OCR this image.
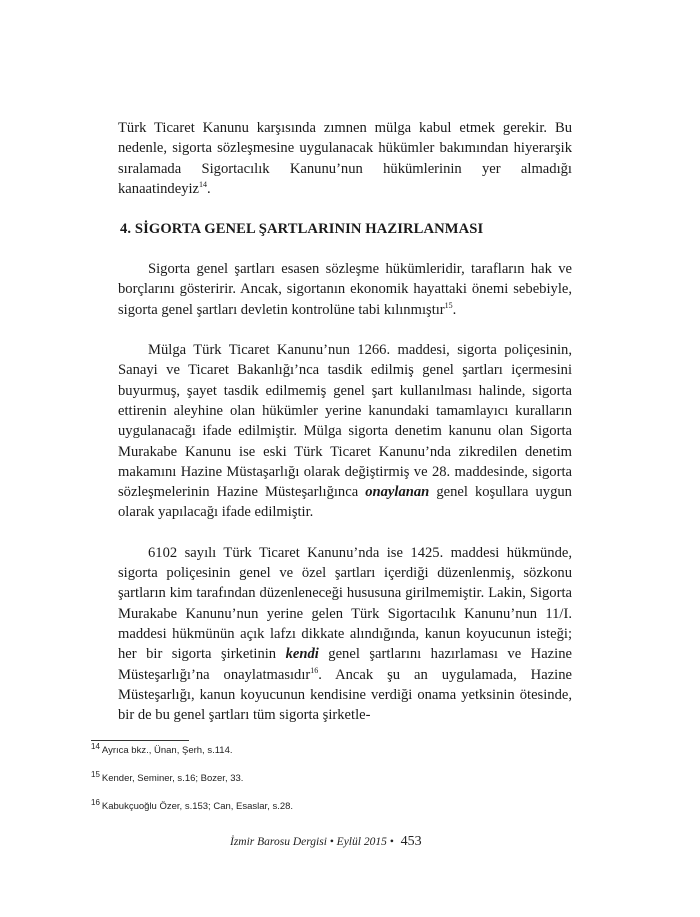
Türk Ticaret Kanunu karşısında zımnen mülga kabul etmek gerekir. Bu nedenle, sigorta sözleşmesine uygulanacak hükümler bakımından hiyerarşik sıralamada Sigortacılık Kanunu’nun hükümlerinin yer almadığı kanaatindeyiz$^{14}$.

4. SİGORTA GENEL ŞARTLARININ HAZIRLANMASI

Sigorta genel şartları esasen sözleşme hükümleridir, tarafların hak ve borçlarını gösteririr. Ancak, sigortanın ekonomik hayattaki önemi sebebiyle, sigorta genel şartları devletin kontrolüne tabi kılınmıştır$^{15}$.

Mülga Türk Ticaret Kanunu’nun 1266. maddesi, sigorta poliçesinin, Sanayi ve Ticaret Bakanlığı’nca tasdik edilmiş genel şartları içermesini buyurmuş, şayet tasdik edilmemiş genel şart kullanılması halinde, sigorta ettirenin aleyhine olan hükümler yerine kanundaki tamamlayıcı kuralların uygulanacağı ifade edilmiştir. Mülga sigorta denetim kanunu olan Sigorta Murakabe Kanunu ise eski Türk Ticaret Kanunu’nda zikredilen denetim makamını Hazine Müstaşarlığı olarak değiştirmiş ve 28. maddesinde, sigorta sözleşmelerinin Hazine Müsteşarlığınca onaylanan genel koşullara uygun olarak yapılacağı ifade edilmiştir.

6102 sayılı Türk Ticaret Kanunu’nda ise 1425. maddesi hükmünde, sigorta poliçesinin genel ve özel şartları içerdiği düzenlenmiş, sözkonu şartların kim tarafından düzenleneceği hususuna girilmemiştir. Lakin, Sigorta Murakabe Kanunu’nun yerine gelen Türk Sigortacılık Kanunu’nun 11/I. maddesi hükmünün açık lafzı dikkate alındığında, kanun koyucunun isteği; her bir sigorta şirketinin kendi genel şartlarını hazırlaması ve Hazine Müsteşarlığı’na onaylatmasıdır$^{16}$. Ancak şu an uygulamada, Hazine Müsteşarlığı, kanun koyucunun kendisine verdiği onama yetksinin ötesinde, bir de bu genel şartları tüm sigorta şirketle-

$^{14}$ Ayrıca bkz., Ünan, Şerh, s.114.
$^{15}$ Kender, Seminer, s.16; Bozer, 33.
$^{16}$ Kabukçuoğlu Özer, s.153; Can, Esaslar, s.28.
İzmir Barosu Dergisi • Eylül 2015 • 453
